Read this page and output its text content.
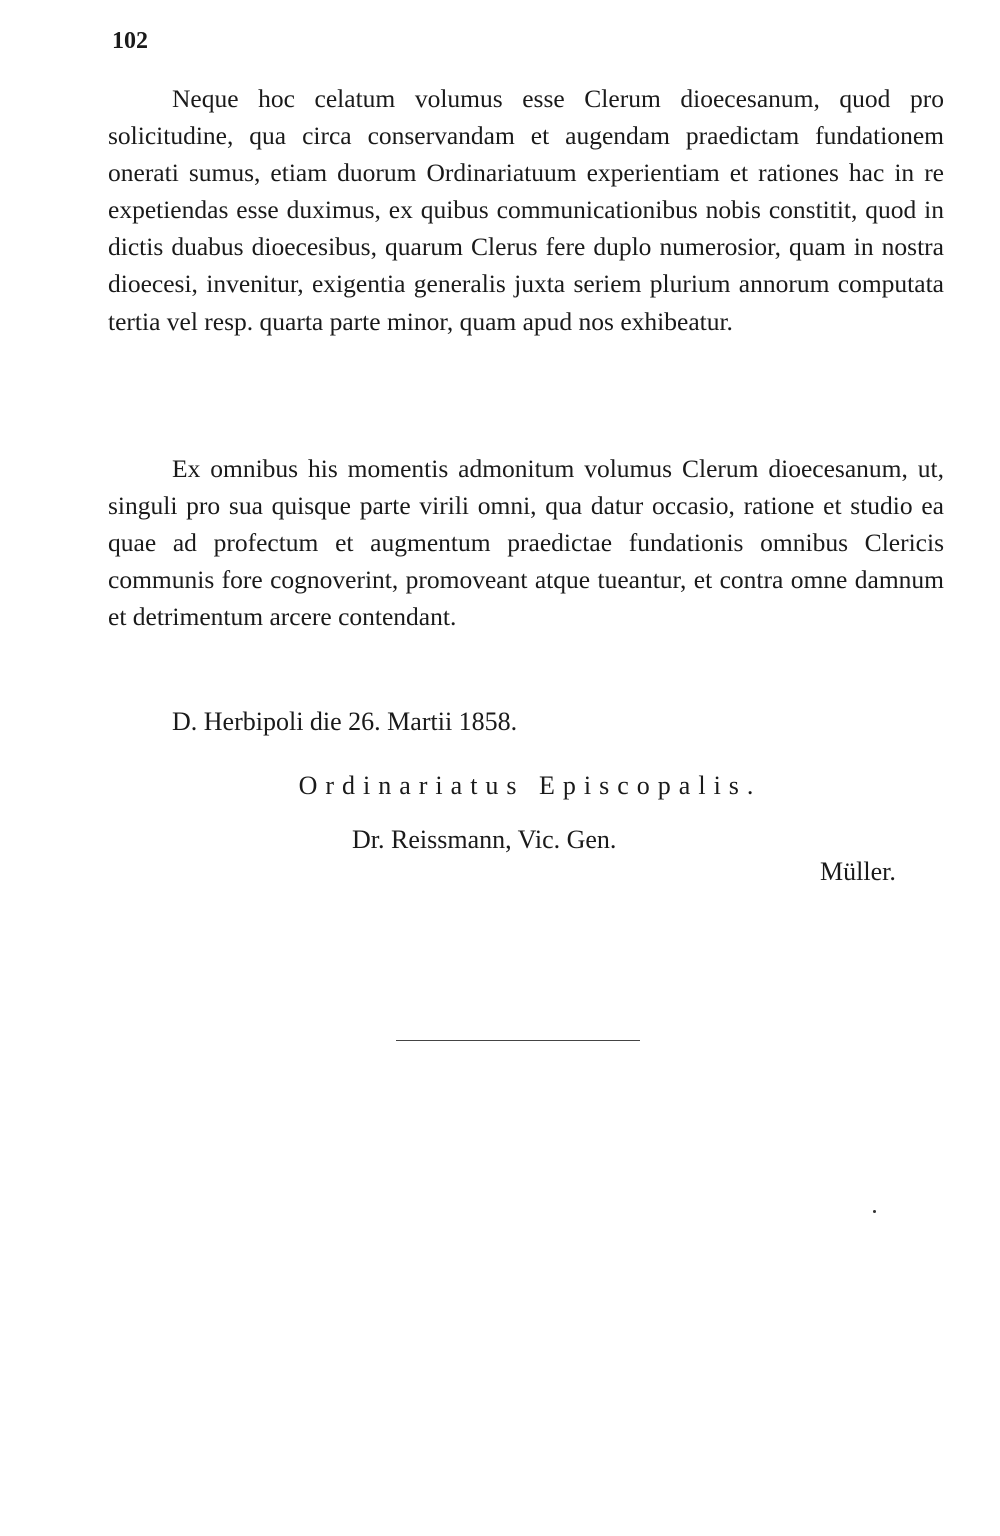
102

Neque hoc celatum volumus esse Clerum dioecesanum, quod pro solicitudine, qua circa conservandam et augendam praedictam fundationem onerati sumus, etiam duorum Ordinariatuum experientiam et rationes hac in re expetiendas esse duximus, ex quibus communicationibus nobis constitit, quod in dictis duabus dioecesibus, quarum Clerus fere duplo numerosior, quam in nostra dioecesi, invenitur, exigentia generalis juxta seriem plurium annorum computata tertia vel resp. quarta parte minor, quam apud nos exhibeatur.

Ex omnibus his momentis admonitum volumus Clerum dioecesanum, ut, singuli pro sua quisque parte virili omni, qua datur occasio, ratione et studio ea quae ad profectum et augmentum praedictae fundationis omnibus Clericis communis fore cognoverint, promoveant atque tueantur, et contra omne damnum et detrimentum arcere contendant.

D. Herbipoli die 26. Martii 1858.
Ordinariatus Episcopalis.
Dr. Reissmann, Vic. Gen.
Müller.
